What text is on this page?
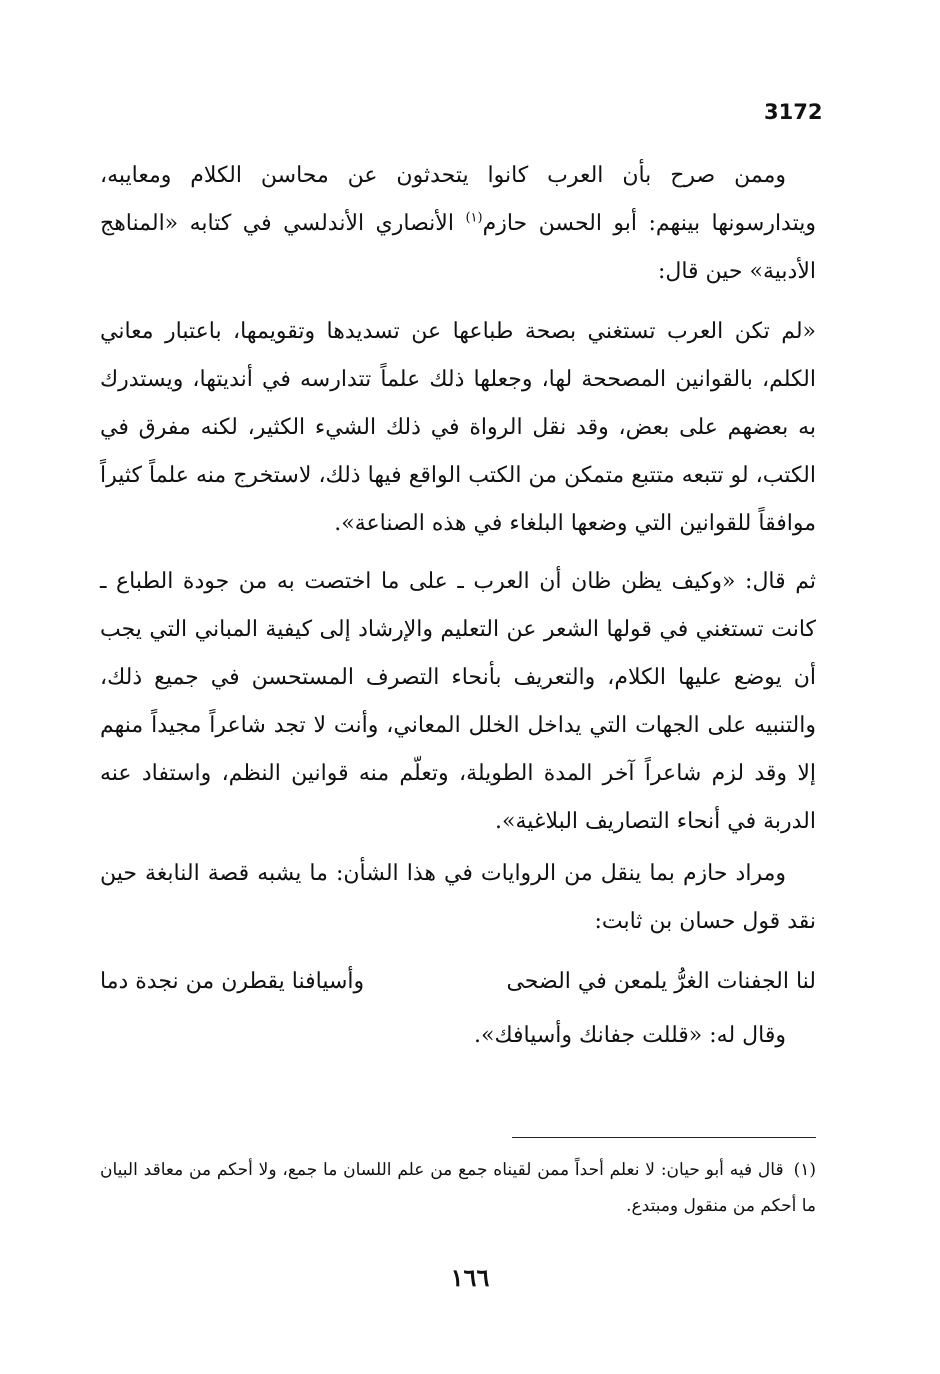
3172

وممن صرح بأن العرب كانوا يتحدثون عن محاسن الكلام ومعايبه، ويتدارسونها بينهم: أبو الحسن حازم$^{(١)}$ الأنصاري الأندلسي في كتابه «المناهج الأدبية» حين قال:

«لم تكن العرب تستغني بصحة طباعها عن تسديدها وتقويمها، باعتبار معاني الكلم، بالقوانين المصححة لها، وجعلها ذلك علماً تتدارسه في أنديتها، ويستدرك به بعضهم على بعض، وقد نقل الرواة في ذلك الشيء الكثير، لكنه مفرق في الكتب، لو تتبعه متتبع متمكن من الكتب الواقع فيها ذلك، لاستخرج منه علماً كثيراً موافقاً للقوانين التي وضعها البلغاء في هذه الصناعة».

ثم قال: «وكيف يظن ظان أن العرب ـ على ما اختصت به من جودة الطباع ـ كانت تستغني في قولها الشعر عن التعليم والإرشاد إلى كيفية المباني التي يجب أن يوضع عليها الكلام، والتعريف بأنحاء التصرف المستحسن في جميع ذلك، والتنبيه على الجهات التي يداخل الخلل المعاني، وأنت لا تجد شاعراً مجيداً منهم إلا وقد لزم شاعراً آخر المدة الطويلة، وتعلّم منه قوانين النظم، واستفاد عنه الدربة في أنحاء التصاريف البلاغية».

ومراد حازم بما ينقل من الروايات في هذا الشأن: ما يشبه قصة النابغة حين نقد قول حسان بن ثابت:

لنا الجفنات الغرُّ يلمعن في الضحى
وأسيافنا يقطرن من نجدة دما

وقال له: «قللت جفانك وأسيافك».

(١)قال فيه أبو حيان: لا نعلم أحداً ممن لقيناه جمع من علم اللسان ما جمع، ولا أحكم من معاقد البيان ما أحكم من منقول ومبتدع.

١٦٦
